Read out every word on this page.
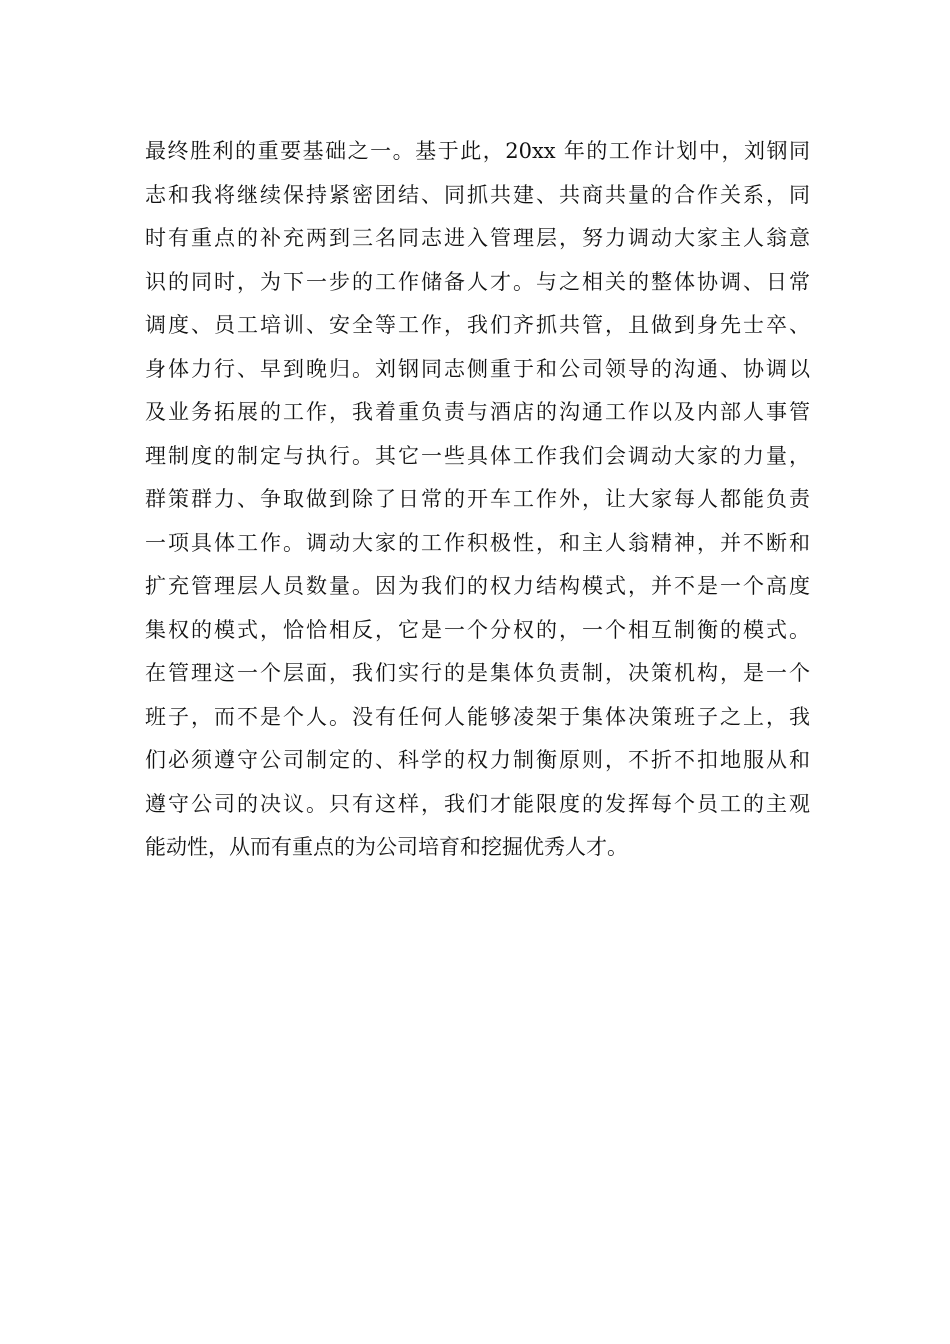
最终胜利的重要基础之一。基于此，20xx 年的工作计划中，刘钢同
志和我将继续保持紧密团结、同抓共建、共商共量的合作关系，同
时有重点的补充两到三名同志进入管理层，努力调动大家主人翁意
识的同时，为下一步的工作储备人才。与之相关的整体协调、日常
调度、员工培训、安全等工作，我们齐抓共管，且做到身先士卒、
身体力行、早到晚归。刘钢同志侧重于和公司领导的沟通、协调以
及业务拓展的工作，我着重负责与酒店的沟通工作以及内部人事管
理制度的制定与执行。其它一些具体工作我们会调动大家的力量，
群策群力、争取做到除了日常的开车工作外，让大家每人都能负责
一项具体工作。调动大家的工作积极性，和主人翁精神，并不断和
扩充管理层人员数量。因为我们的权力结构模式，并不是一个高度
集权的模式，恰恰相反，它是一个分权的，一个相互制衡的模式。
在管理这一个层面，我们实行的是集体负责制，决策机构，是一个
班子，而不是个人。没有任何人能够凌架于集体决策班子之上，我
们必须遵守公司制定的、科学的权力制衡原则，不折不扣地服从和
遵守公司的决议。只有这样，我们才能限度的发挥每个员工的主观
能动性，从而有重点的为公司培育和挖掘优秀人才。
